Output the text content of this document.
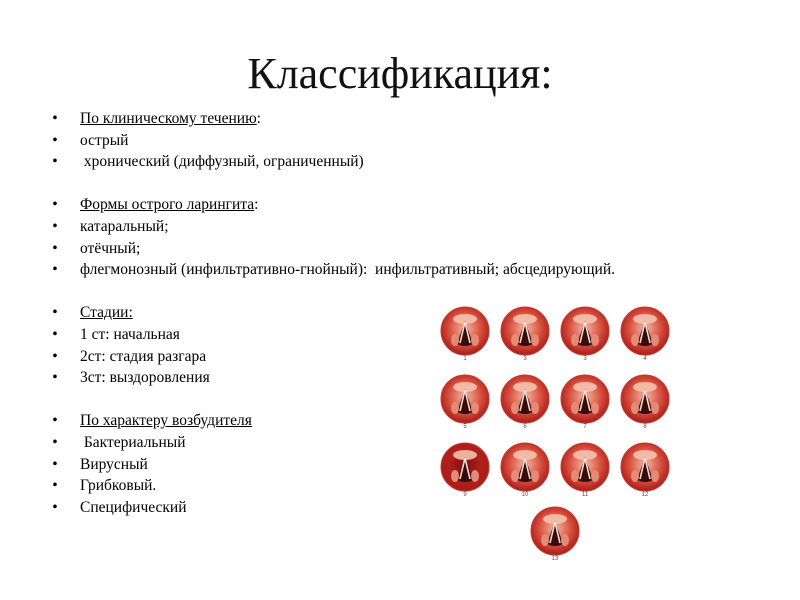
Классификация:
• По клиническому течению:
• острый
• хронический (диффузный, ограниченный)
• Формы острого ларингита:
• катаральный;
• отёчный;
• флегмонозный (инфильтративно-гнойный):  инфильтративный; абсцедирующий.
• Стадии:
• 1 ст: начальная
• 2ст: стадия разгара
• 3ст: выздоровления
• По характеру возбудителя
• Бактериальный
• Вирусный
• Грибковый.
• Специфический
1	3	3	4
5	6	7	8
9	10	11	12
13
